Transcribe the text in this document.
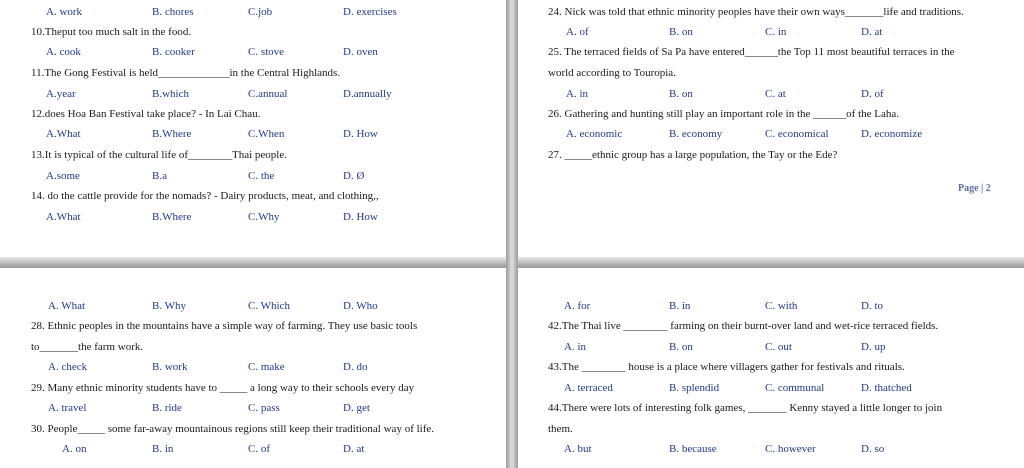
A. work	B. chores	C.job	D. exercises
10.Theput too much salt in the food.
A. cook	B. cooker	C. stove	D. oven
11.The Gong Festival is held_____________in the Central Highlands.
A.year	B.which	C.annual	D.annually
12.does Hoa Ban Festival take place? - In Lai Chau.
A.What	B.Where	C.When	D. How
13.It is typical of the cultural life of________Thai people.
A.some	B.a	C. the	D. Ø
14. do the cattle provide for the nomads? - Dairy products, meat, and clothing,,
A.What	B.Where	C.Why	D. How
24. Nick was told that ethnic minority peoples have their own ways_______life and traditions.
A. of	B. on	C. in	D. at
25. The terraced fields of Sa Pa have entered______the Top 11 most beautiful terraces in the
world according to Touropia.
A. in	B. on	C. at	D. of
26. Gathering and hunting still play an important role in the ______of the Laha.
A. economic	B. economy	C. economical	D. economize
27. _____ethnic group has a large population, the Tay or the Ede?
Page | 2
A. What	B. Why	C. Which	D. Who
28. Ethnic peoples in the mountains have a simple way of farming. They use basic tools
to_______the farm work.
A. check	B. work	C. make	D. do
29. Many ethnic minority students have to _____ a long way to their schools every day
A. travel	B. ride	C. pass	D. get
30. People_____ some far-away mountainous regions still keep their traditional way of life.
A. on	B. in	C. of	D. at
A. for	B. in	C. with	D. to
42.The Thai live ________ farming on their burnt-over land and wet-rice terraced fields.
A. in	B. on	C. out	D. up
43.The ________ house is a place where villagers gather for festivals and rituals.
A. terraced	B. splendid	C. communal	D. thatched
44.There were lots of interesting folk games, _______ Kenny stayed a little longer to join
them.
A. but	B. because	C. however	D. so
